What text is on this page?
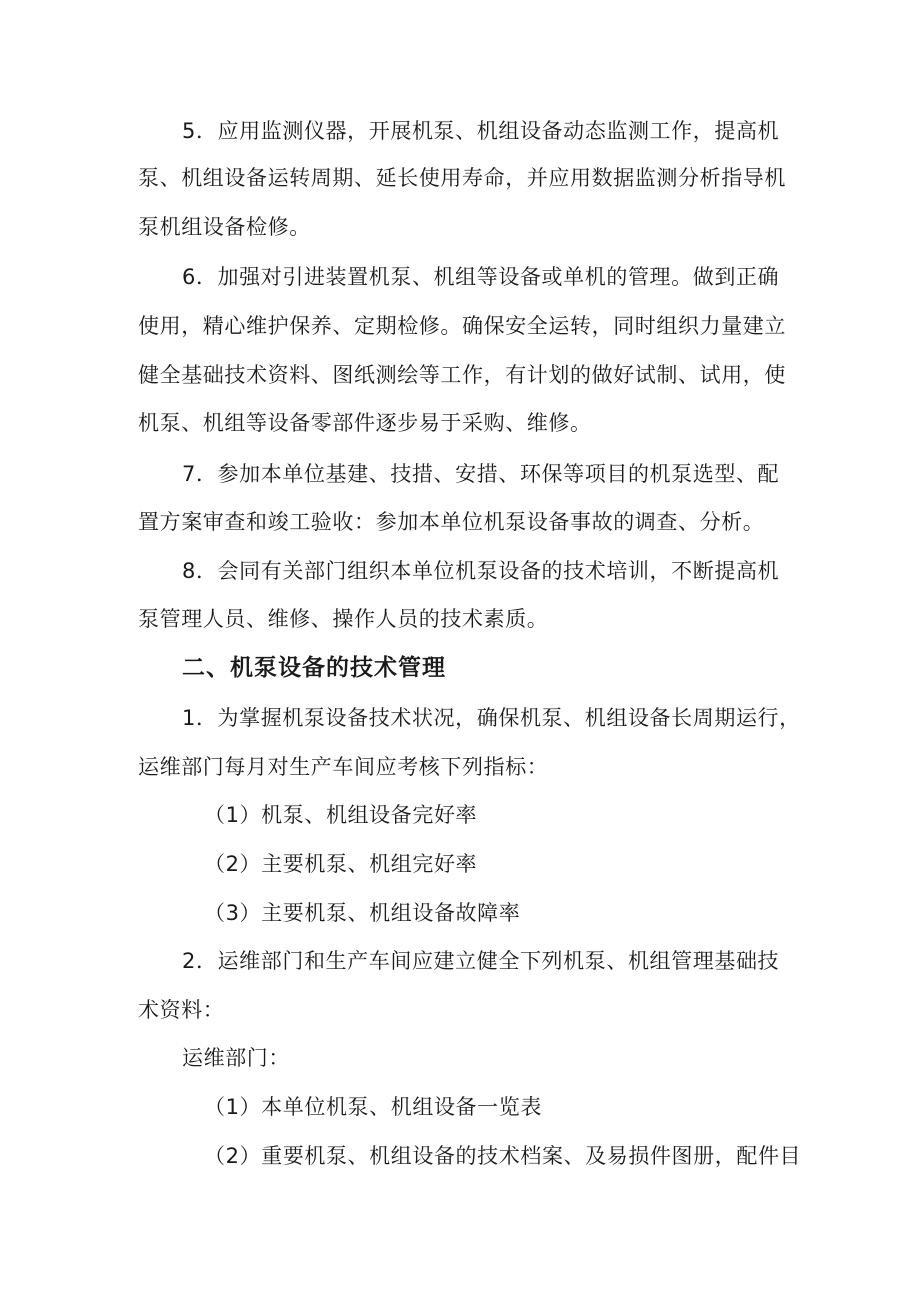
5．应用监测仪器，开展机泵、机组设备动态监测工作，提高机
泵、机组设备运转周期、延长使用寿命，并应用数据监测分析指导机
泵机组设备检修。
6．加强对引进装置机泵、机组等设备或单机的管理。做到正确
使用，精心维护保养、定期检修。确保安全运转，同时组织力量建立
健全基础技术资料、图纸测绘等工作，有计划的做好试制、试用，使
机泵、机组等设备零部件逐步易于采购、维修。
7．参加本单位基建、技措、安措、环保等项目的机泵选型、配
置方案审查和竣工验收：参加本单位机泵设备事故的调查、分析。
8．会同有关部门组织本单位机泵设备的技术培训，不断提高机
泵管理人员、维修、操作人员的技术素质。
二、机泵设备的技术管理
1．为掌握机泵设备技术状况，确保机泵、机组设备长周期运行，
运维部门每月对生产车间应考核下列指标：
（1）机泵、机组设备完好率
（2）主要机泵、机组完好率
（3）主要机泵、机组设备故障率
2．运维部门和生产车间应建立健全下列机泵、机组管理基础技
术资料：
运维部门：
（1）本单位机泵、机组设备一览表
（2）重要机泵、机组设备的技术档案、及易损件图册，配件目
